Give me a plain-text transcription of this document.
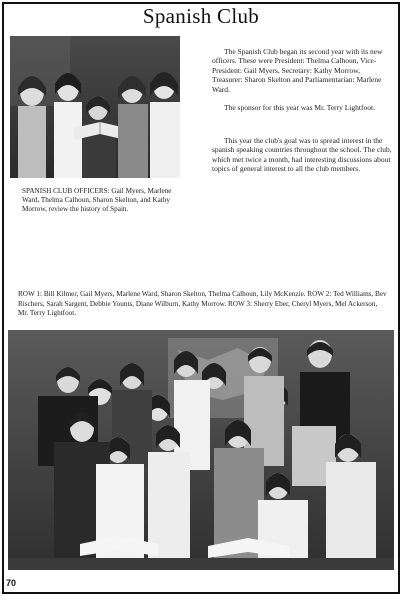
Spanish Club

The Spanish Club began its second year with its new officers. These were President: Thelma Calhoun, Vice-President: Gail Myers, Secretary: Kathy Morrow, Treasurer: Sharon Skelton and Parliamentarian: Marlene Ward.

The sponsor for this year was Mr. Terry Lightfoot.

This year the club's goal was to spread interest in the spanish speaking countries throughout the school. The club, which met twice a month, had interesting discussions about topics of general interest to all the club members.

SPANISH CLUB OFFICERS: Gail Myers, Marlene Ward, Thelma Calhoun, Sharon Skelton, and Kathy Morrow, review the history of Spain.

ROW 1: Bill Kilmer, Gail Myers, Marlene Ward, Sharon Skelton, Thelma Calhoun, Lily McKenzie. ROW 2: Ted Williams, Bev Rischers, Sarah Sargent, Debbie Younts, Diane Wilburn, Kathy Morrow. ROW 3: Sherry Eber, Cheryl Myers, Mel Ackerson, Mr. Terry Lightfoot.

70
